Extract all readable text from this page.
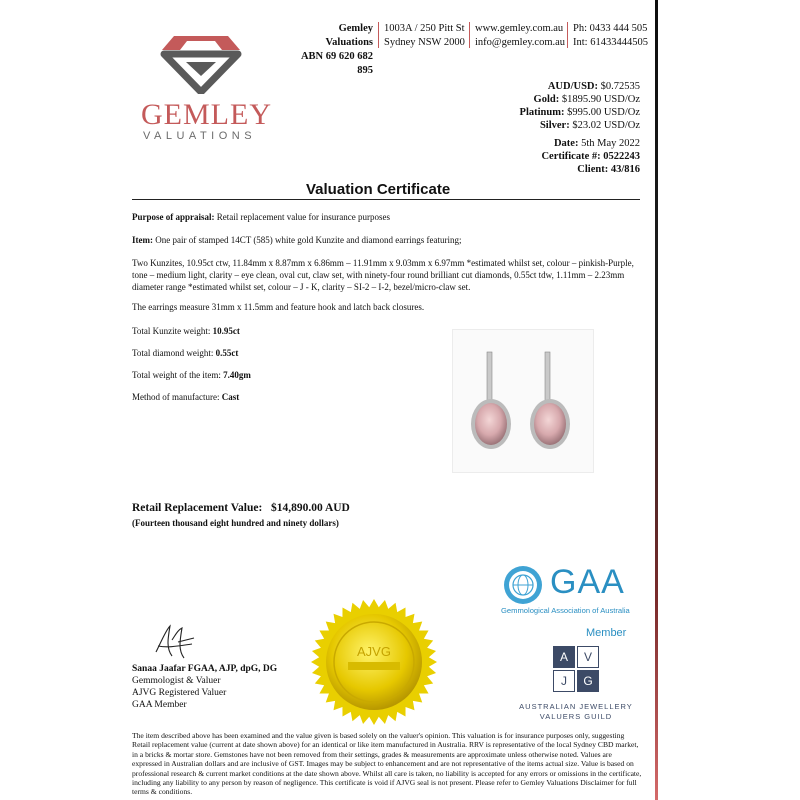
GEMLEY
VALUATIONS
Gemley Valuations
ABN 69 620 682 895
1003A / 250 Pitt St
Sydney NSW 2000
www.gemley.com.au
info@gemley.com.au
Ph: 0433 444 505
Int: 61433444505
AUD/USD: $0.72535
Gold: $1895.90 USD/Oz
Platinum: $995.00 USD/Oz
Silver: $23.02 USD/Oz
Date: 5th May 2022
Certificate #: 0522243
Client: 43/816
Valuation Certificate
Purpose of appraisal: Retail replacement value for insurance purposes
Item: One pair of stamped 14CT (585) white gold Kunzite and diamond earrings featuring;
Two Kunzites, 10.95ct ctw, 11.84mm x 8.87mm x 6.86mm – 11.91mm x 9.03mm x 6.97mm *estimated whilst set, colour – pinkish-Purple, tone – medium light, clarity – eye clean, oval cut, claw set, with ninety-four round brilliant cut diamonds, 0.55ct tdw, 1.11mm – 2.23mm diameter range *estimated whilst set, colour – J - K, clarity – SI-2 – I-2, bezel/micro-claw set.
The earrings measure 31mm x 11.5mm and feature hook and latch back closures.
Total Kunzite weight: 10.95ct
Total diamond weight: 0.55ct
Total weight of the item: 7.40gm
Method of manufacture: Cast
Retail Replacement Value: $14,890.00 AUD
(Fourteen thousand eight hundred and ninety dollars)
Sanaa Jaafar FGAA, AJP, dpG, DG
Gemmologist & Valuer
AJVG Registered Valuer
GAA Member
AJVG
GAA
Gemmological Association of Australia
Member
A	V
J	G
AUSTRALIAN JEWELLERY
VALUERS GUILD
The item described above has been examined and the value given is based solely on the valuer's opinion. This valuation is for insurance purposes only, suggesting Retail replacement value (current at date shown above) for an identical or like item manufactured in Australia. RRV is representative of the local Sydney CBD market, in a bricks & mortar store. Gemstones have not been removed from their settings, grades & measurements are approximate unless otherwise noted. Values are expressed in Australian dollars and are inclusive of GST. Images may be subject to enhancement and are not representative of the items actual size. Value is based on professional research & current market conditions at the date shown above. Whilst all care is taken, no liability is accepted for any errors or omissions in the certificate, including any liability to any person by reason of negligence. This certificate is void if AJVG seal is not present. Please refer to Gemley Valuations Disclaimer for full terms & conditions.
